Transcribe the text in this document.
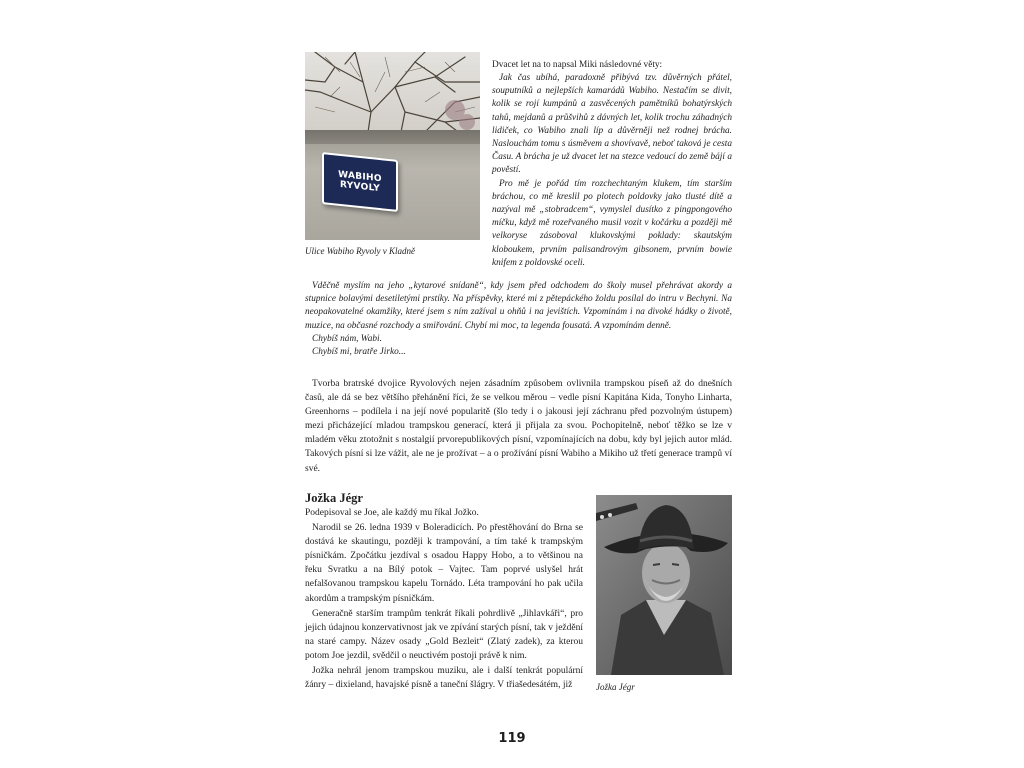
WABIHO RYVOLY
Ulice Wabiho Ryvoly v Kladně
Dvacet let na to napsal Miki následovné věty:

Jak čas ubíhá, paradoxně přibývá tzv. důvěrných přátel, souputníků a nejlepších kamarádů Wabiho. Nestačím se divit, kolik se rojí kumpánů a zasvěcených pamětníků bohatýrských tahů, mejdanů a průšvihů z dávných let, kolik trochu záhadných lidiček, co Wabiho znali líp a důvěrněji než rodnej brácha. Naslouchám tomu s úsměvem a shovívavě, neboť taková je cesta Času. A brácha je už dvacet let na stezce vedoucí do země bájí a pověstí.

Pro mě je pořád tím rozchechtaným klukem, tím starším bráchou, co mě kreslil po plotech poldovky jako tlusté dítě a nazýval mě „stobradcem“, vymyslel dusítko z pingpongového míčku, když mě rozeřvaného musil vozit v kočárku a později mě velkoryse zásoboval klukovskými poklady: skautským kloboukem, prvním palisandrovým gibsonem, prvním bowie knifem z poldovské oceli.

Vděčně myslím na jeho „kytarové snídaně“, kdy jsem před odchodem do školy musel přehrávat akordy a stupnice bolavými desetiletými prstíky. Na příspěvky, které mi z pětepáckého žoldu posílal do intru v Bechyni. Na neopakovatelné okamžiky, které jsem s ním zažíval u ohňů i na jevištích. Vzpomínám i na divoké hádky o životě, muzice, na občasné rozchody a smiřování. Chybí mi moc, ta legenda fousatá. A vzpomínám denně.

Chybíš nám, Wabi.

Chybíš mi, bratře Jirko...

Tvorba bratrské dvojice Ryvolových nejen zásadním způsobem ovlivnila trampskou píseň až do dnešních časů, ale dá se bez většího přehánění říci, že se velkou měrou – vedle písní Kapitána Kida, Tonyho Linharta, Greenhorns – podílela i na její nové popularitě (šlo tedy i o jakousi její záchranu před pozvolným ústupem) mezi přicházející mladou trampskou generací, která ji přijala za svou. Pochopitelně, neboť těžko se lze v mladém věku ztotožnit s nostalgií prvorepublikových písní, vzpomínajících na dobu, kdy byl jejich autor mlád. Takových písní si lze vážit, ale ne je prožívat – a o prožívání písní Wabiho a Mikiho už třetí generace trampů ví své.

Jožka Jégr

Podepisoval se Joe, ale každý mu říkal Jožko.

Narodil se 26. ledna 1939 v Boleradicích. Po přestěhování do Brna se dostává ke skautingu, později k trampování, a tím také k trampským písničkám. Zpočátku jezdíval s osadou Happy Hobo, a to většinou na řeku Svratku a na Bílý potok – Vajtec. Tam poprvé uslyšel hrát nefalšovanou trampskou kapelu Tornádo. Léta trampování ho pak učila akordům a trampským písničkám.

Generačně starším trampům tenkrát říkali pohrdlivě „Jihlavkáři“, pro jejich údajnou konzervativnost jak ve zpívání starých písní, tak v ježdění na staré campy. Název osady „Gold Bezleit“ (Zlatý zadek), za kterou potom Joe jezdil, svědčil o neuctivém postoji právě k nim.

Jožka nehrál jenom trampskou muziku, ale i další tenkrát populární žánry – dixieland, havajské písně a taneční šlágry. V třiašedesátém, již	Jožka Jégr
119
